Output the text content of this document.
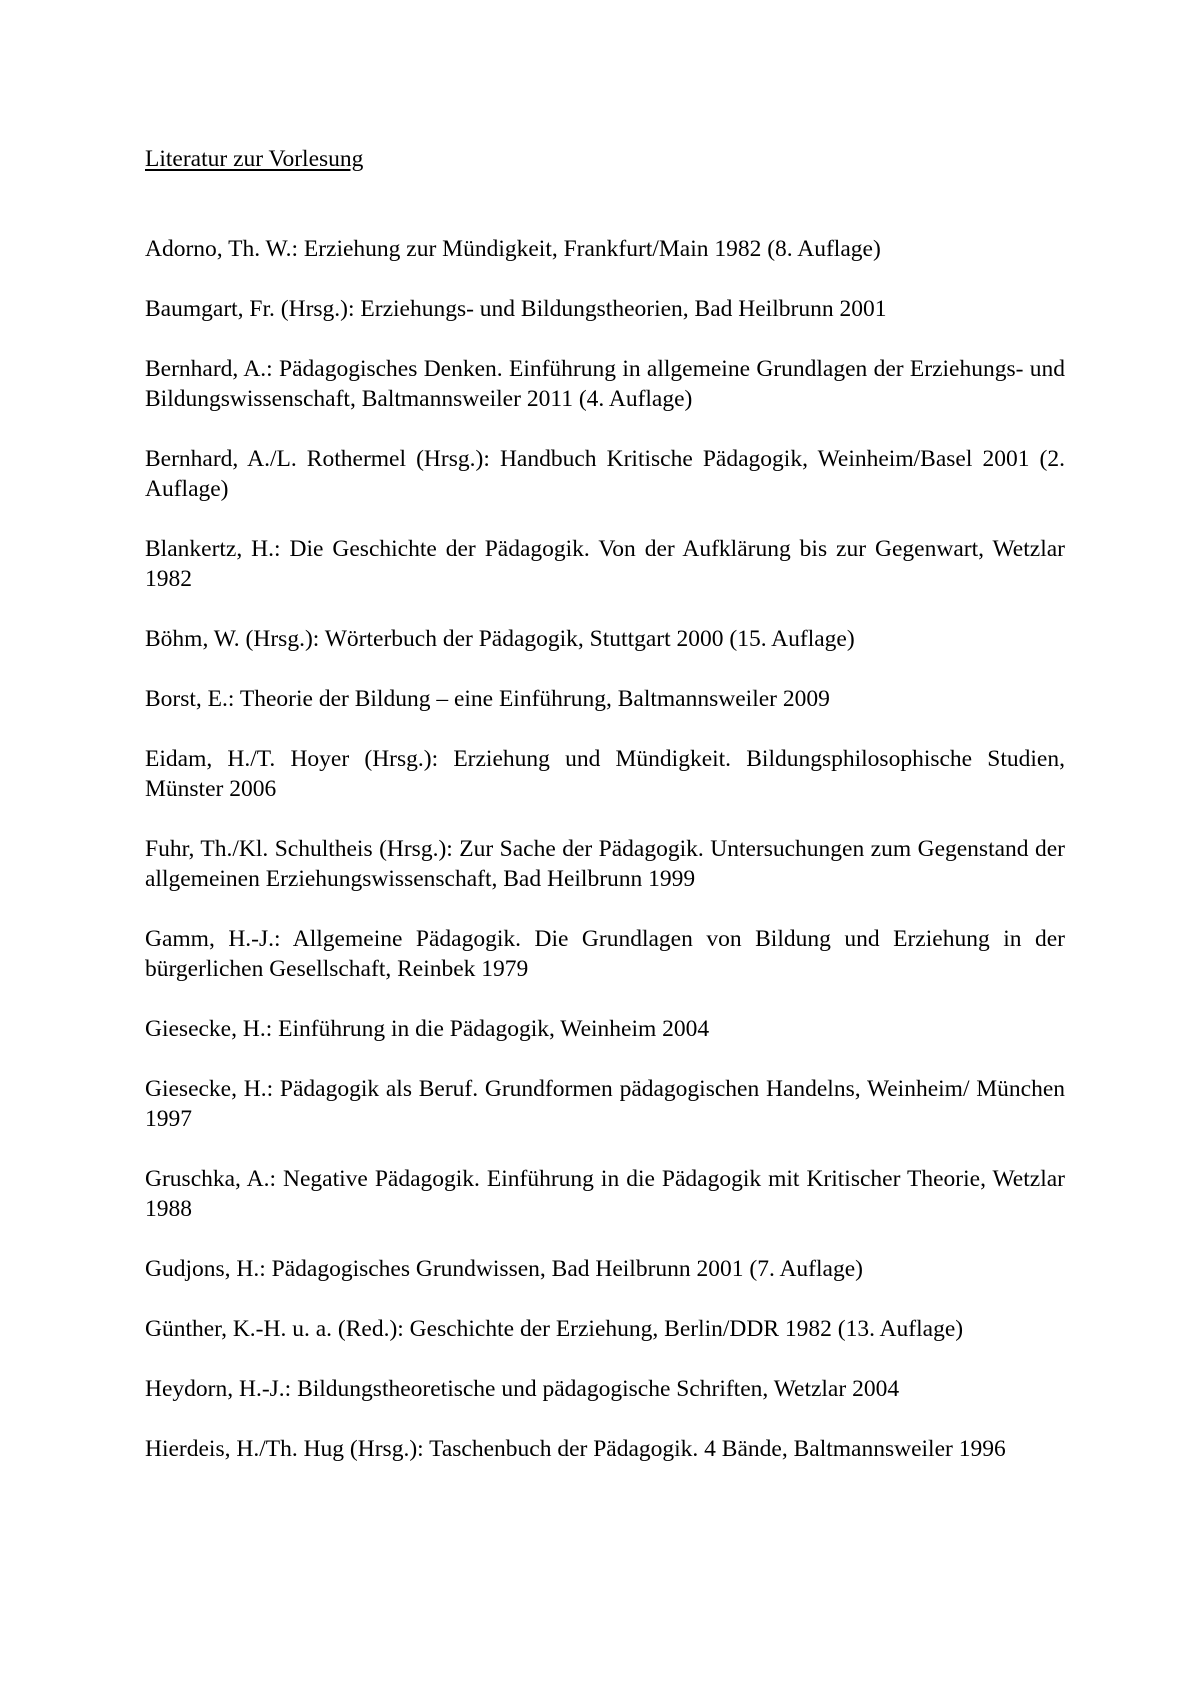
Literatur zur Vorlesung
Adorno, Th. W.: Erziehung zur Mündigkeit, Frankfurt/Main 1982 (8. Auflage)
Baumgart, Fr. (Hrsg.): Erziehungs- und Bildungstheorien, Bad Heilbrunn 2001
Bernhard, A.: Pädagogisches Denken. Einführung in allgemeine Grundlagen der Erziehungs- und Bildungswissenschaft, Baltmannsweiler 2011 (4. Auflage)
Bernhard, A./L. Rothermel (Hrsg.): Handbuch Kritische Pädagogik, Weinheim/Basel 2001 (2. Auflage)
Blankertz, H.: Die Geschichte der Pädagogik. Von der Aufklärung bis zur Gegenwart, Wetzlar 1982
Böhm, W. (Hrsg.): Wörterbuch der Pädagogik, Stuttgart 2000 (15. Auflage)
Borst, E.: Theorie der Bildung – eine Einführung, Baltmannsweiler 2009
Eidam, H./T. Hoyer (Hrsg.): Erziehung und Mündigkeit. Bildungsphilosophische Studien, Münster 2006
Fuhr, Th./Kl. Schultheis (Hrsg.): Zur Sache der Pädagogik. Untersuchungen zum Gegenstand der allgemeinen Erziehungswissenschaft, Bad Heilbrunn 1999
Gamm, H.-J.: Allgemeine Pädagogik. Die Grundlagen von Bildung und Erziehung in der bürgerlichen Gesellschaft, Reinbek 1979
Giesecke, H.: Einführung in die Pädagogik, Weinheim 2004
Giesecke, H.: Pädagogik als Beruf. Grundformen pädagogischen Handelns, Weinheim/ München 1997
Gruschka, A.: Negative Pädagogik. Einführung in die Pädagogik mit Kritischer Theorie, Wetzlar 1988
Gudjons, H.: Pädagogisches Grundwissen, Bad Heilbrunn 2001 (7. Auflage)
Günther, K.-H. u. a. (Red.): Geschichte der Erziehung, Berlin/DDR 1982 (13. Auflage)
Heydorn, H.-J.: Bildungstheoretische und pädagogische Schriften, Wetzlar 2004
Hierdeis, H./Th. Hug (Hrsg.): Taschenbuch der Pädagogik. 4 Bände, Baltmannsweiler 1996
